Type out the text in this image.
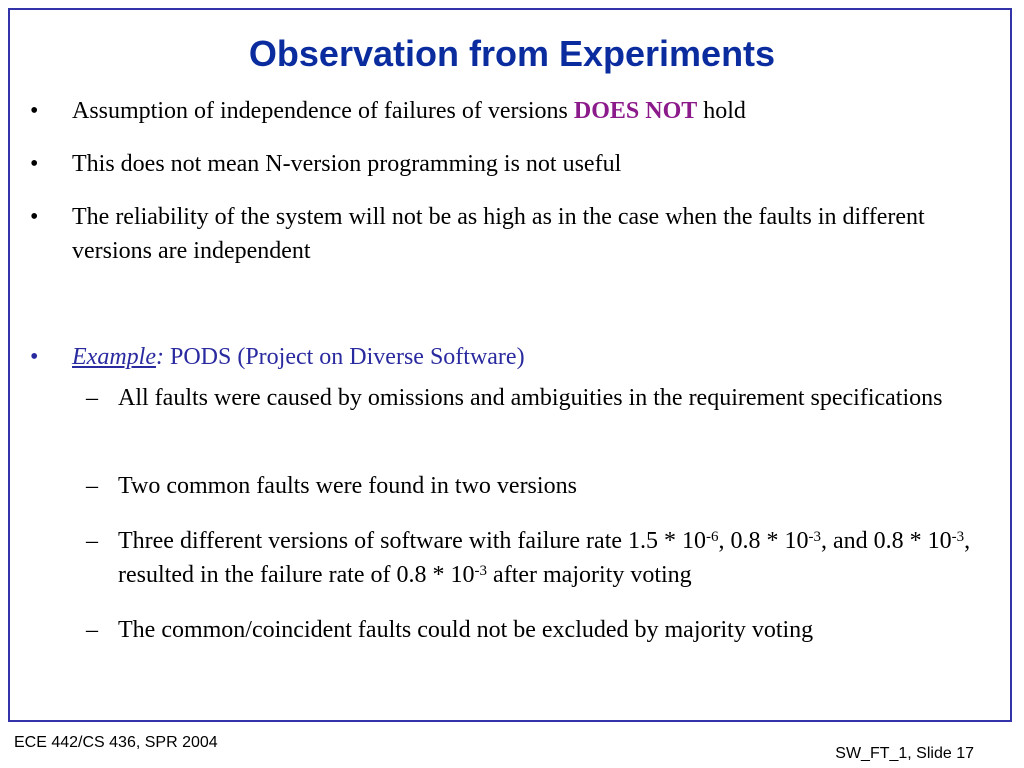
Observation from Experiments
•	Assumption of independence of failures of versions DOES NOT hold
•	This does not mean N-version programming is not useful
•	The reliability of the system will not be as high as in the case when the faults in different versions are independent
•	Example: PODS (Project on Diverse Software)
– All faults were caused by omissions and ambiguities in the requirement specifications
– Two common faults were found in two versions
– Three different versions of software with failure rate $1.5 * 10^{-6}$, $0.8 * 10^{-3}$, and $0.8 * 10^{-3}$, resulted in the failure rate of $0.8 * 10^{-3}$ after majority voting
– The common/coincident faults could not be excluded by majority voting
ECE 442/CS 436, SPR 2004
SW_FT_1, Slide 17
